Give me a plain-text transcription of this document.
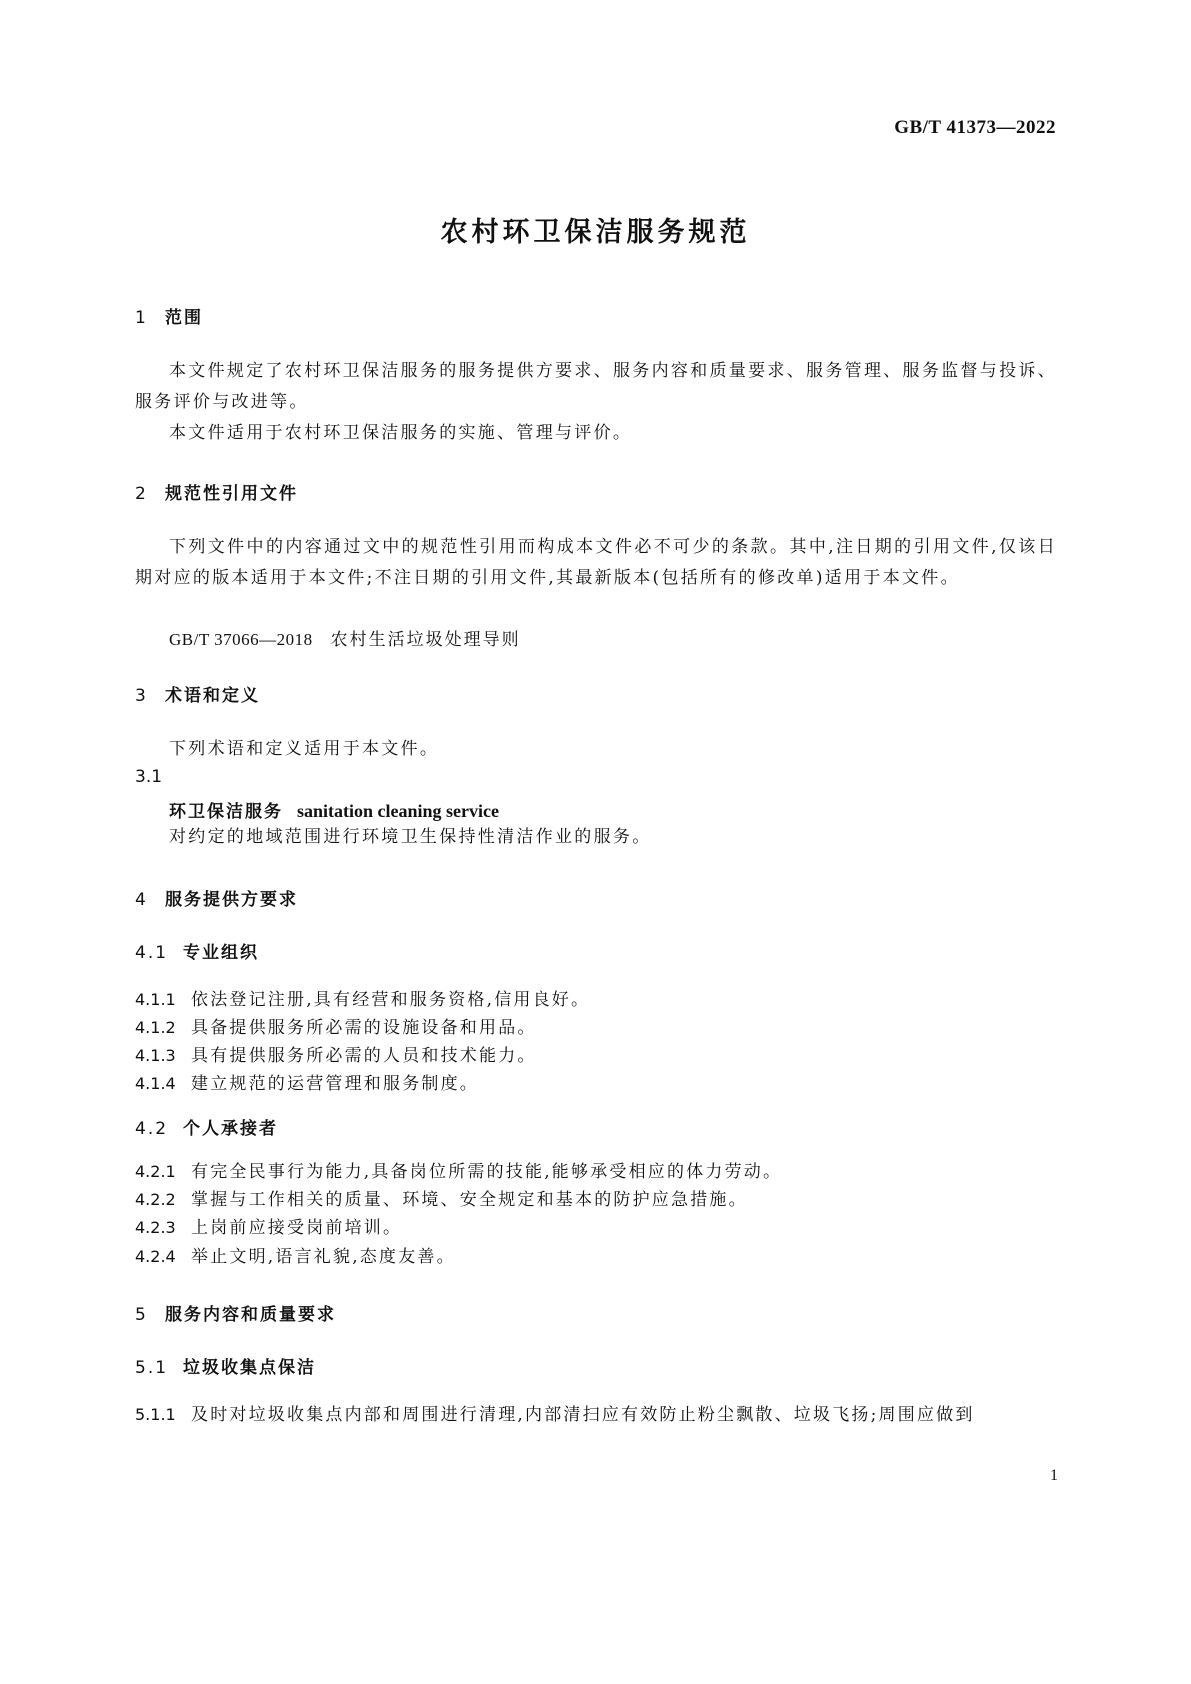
GB/T 41373—2022
农村环卫保洁服务规范
1 范围
本文件规定了农村环卫保洁服务的服务提供方要求、服务内容和质量要求、服务管理、服务监督与投诉、服务评价与改进等。
本文件适用于农村环卫保洁服务的实施、管理与评价。
2 规范性引用文件
下列文件中的内容通过文中的规范性引用而构成本文件必不可少的条款。其中,注日期的引用文件,仅该日期对应的版本适用于本文件;不注日期的引用文件,其最新版本(包括所有的修改单)适用于本文件。
GB/T 37066—2018 农村生活垃圾处理导则
3 术语和定义
下列术语和定义适用于本文件。
3.1
环卫保洁服务 sanitation cleaning service
对约定的地域范围进行环境卫生保持性清洁作业的服务。
4 服务提供方要求
4.1 专业组织
4.1.1 依法登记注册,具有经营和服务资格,信用良好。
4.1.2 具备提供服务所必需的设施设备和用品。
4.1.3 具有提供服务所必需的人员和技术能力。
4.1.4 建立规范的运营管理和服务制度。
4.2 个人承接者
4.2.1 有完全民事行为能力,具备岗位所需的技能,能够承受相应的体力劳动。
4.2.2 掌握与工作相关的质量、环境、安全规定和基本的防护应急措施。
4.2.3 上岗前应接受岗前培训。
4.2.4 举止文明,语言礼貌,态度友善。
5 服务内容和质量要求
5.1 垃圾收集点保洁
5.1.1 及时对垃圾收集点内部和周围进行清理,内部清扫应有效防止粉尘飘散、垃圾飞扬;周围应做到
1
